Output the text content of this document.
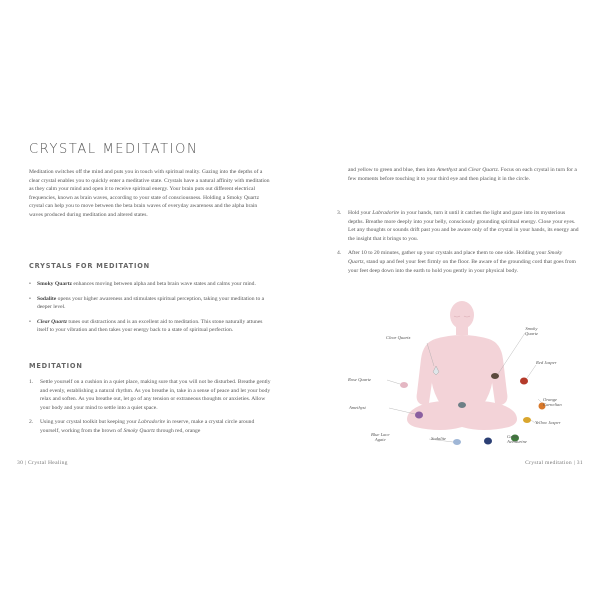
CRYSTAL MEDITATION

Meditation switches off the mind and puts you in touch with spiritual reality. Gazing into the depths of a clear crystal enables you to quickly enter a meditative state. Crystals have a natural affinity with meditation as they calm your mind and open it to receive spiritual energy. Your brain puts out different electrical frequencies, known as brain waves, according to your state of consciousness. Holding a Smoky Quartz crystal can help you to move between the beta brain waves of everyday awareness and the alpha brain waves produced during meditation and altered states.

CRYSTALS FOR MEDITATION
• Smoky Quartz enhances moving between alpha and beta brain wave states and calms your mind.
• Sodalite opens your higher awareness and stimulates spiritual perception, taking your meditation to a deeper level.
• Clear Quartz tunes out distractions and is an excellent aid to meditation. This stone naturally attunes itself to your vibration and then takes your energy back to a state of spiritual perfection.
MEDITATION
1. Settle yourself on a cushion in a quiet place, making sure that you will not be disturbed. Breathe gently and evenly, establishing a natural rhythm. As you breathe in, take in a sense of peace and let your body relax and soften. As you breathe out, let go of any tension or extraneous thoughts or anxieties. Allow your body and your mind to settle into a quiet space.
2. Using your crystal toolkit but keeping your Labradorite in reserve, make a crystal circle around yourself, working from the brown of Smoky Quartz through red, orange
30 | Crystal Healing

and yellow to green and blue, then into Amethyst and Clear Quartz. Focus on each crystal in turn for a few moments before touching it to your third eye and then placing it in the circle.

3. Hold your Labradorite in your hands, turn it until it catches the light and gaze into its mysterious depths. Breathe more deeply into your belly, consciously grounding spiritual energy. Close your eyes. Let any thoughts or sounds drift past you and be aware only of the crystal in your hands, its energy and the insight that it brings to you.
4. After 10 to 20 minutes, gather up your crystals and place them to one side. Holding your Smoky Quartz, stand up and feel your feet firmly on the floor. Be aware of the grounding cord that goes from your feet deep down into the earth to hold you gently in your physical body.
Clear Quartz
Smoky
Quartz
Red Jasper
Rose Quartz
Orange
Carnelian
Amethyst
Yellow Jasper
Blue Lace
Agate	Sodalite	Green
Aventurine
Crystal meditation | 31
